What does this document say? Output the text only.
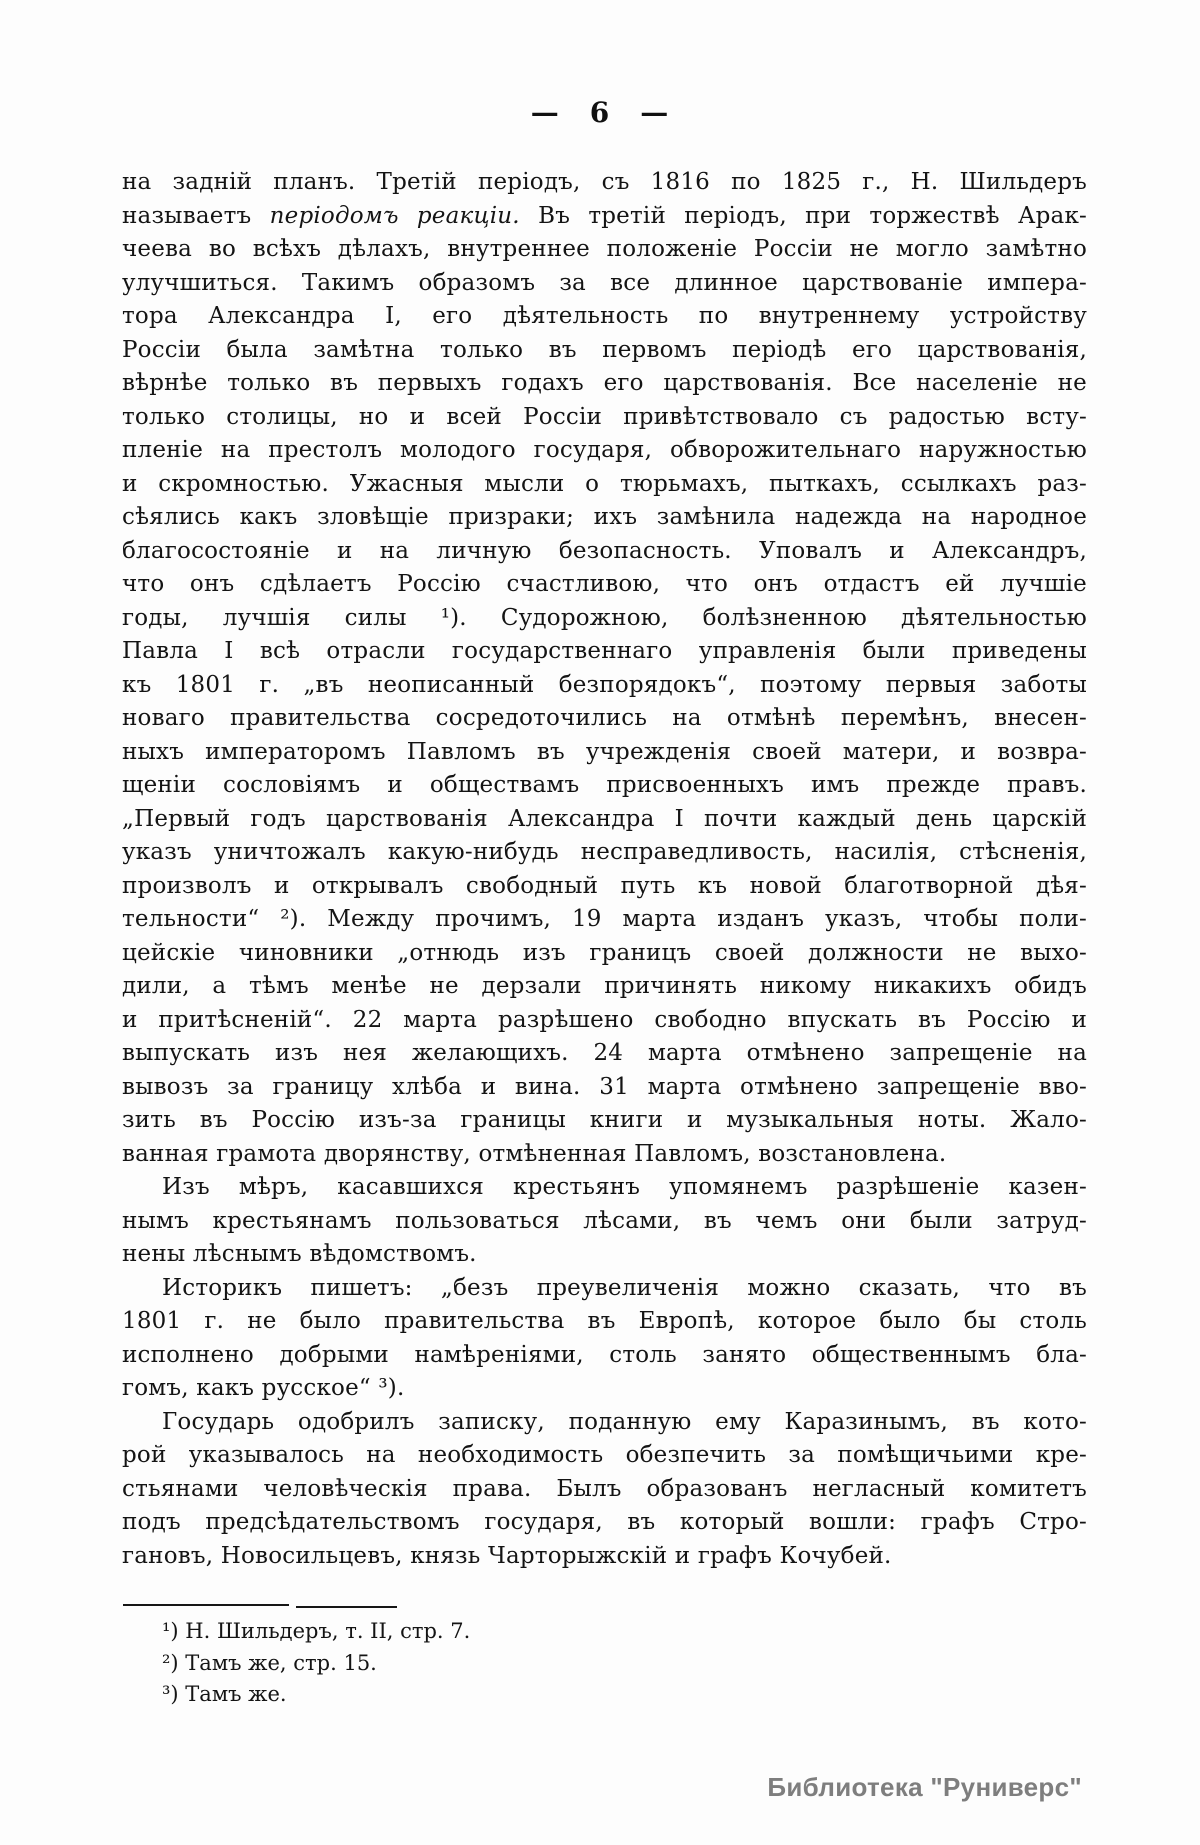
— 6 —
на задній планъ. Третій періодъ, съ 1816 по 1825 г., Н. Шильдеръ
называетъ періодомъ реакціи. Въ третій періодъ, при торжествѣ Арак-
чеева во всѣхъ дѣлахъ, внутреннее положеніе Россіи не могло замѣтно
улучшиться. Такимъ образомъ за все длинное царствованіе импера-
тора Александра I, его дѣятельность по внутреннему устройству
Россіи была замѣтна только въ первомъ періодѣ его царствованія,
вѣрнѣе только въ первыхъ годахъ его царствованія. Все населеніе не
только столицы, но и всей Россіи привѣтствовало съ радостью всту-
пленіе на престолъ молодого государя, обворожительнаго наружностью
и скромностью. Ужасныя мысли о тюрьмахъ, пыткахъ, ссылкахъ раз-
сѣялись какъ зловѣщіе призраки; ихъ замѣнила надежда на народное
благосостояніе и на личную безопасность. Уповалъ и Александръ,
что онъ сдѣлаетъ Россію счастливою, что онъ отдастъ ей лучшіе
годы, лучшія силы ¹). Судорожною, болѣзненною дѣятельностью
Павла I всѣ отрасли государственнаго управленія были приведены
къ 1801 г. „въ неописанный безпорядокъ“, поэтому первыя заботы
новаго правительства сосредоточились на отмѣнѣ перемѣнъ, внесен-
ныхъ императоромъ Павломъ въ учрежденія своей матери, и возвра-
щеніи сословіямъ и обществамъ присвоенныхъ имъ прежде правъ.
„Первый годъ царствованія Александра I почти каждый день царскій
указъ уничтожалъ какую-нибудь несправедливость, насилія, стѣсненія,
произволъ и открывалъ свободный путь къ новой благотворной дѣя-
тельности“ ²). Между прочимъ, 19 марта изданъ указъ, чтобы поли-
цейскіе чиновники „отнюдь изъ границъ своей должности не выхо-
дили, а тѣмъ менѣе не дерзали причинять никому никакихъ обидъ
и притѣсненій“. 22 марта разрѣшено свободно впускать въ Россію и
выпускать изъ нея желающихъ. 24 марта отмѣнено запрещеніе на
вывозъ за границу хлѣба и вина. 31 марта отмѣнено запрещеніе вво-
зить въ Россію изъ-за границы книги и музыкальныя ноты. Жало-
ванная грамота дворянству, отмѣненная Павломъ, возстановлена.
Изъ мѣръ, касавшихся крестьянъ упомянемъ разрѣшеніе казен-
нымъ крестьянамъ пользоваться лѣсами, въ чемъ они были затруд-
нены лѣснымъ вѣдомствомъ.
Историкъ пишетъ: „безъ преувеличенія можно сказать, что въ
1801 г. не было правительства въ Европѣ, которое было бы столь
исполнено добрыми намѣреніями, столь занято общественнымъ бла-
гомъ, какъ русское“ ³).
Государь одобрилъ записку, поданную ему Каразинымъ, въ кото-
рой указывалось на необходимость обезпечить за помѣщичьими кре-
стьянами человѣческія права. Былъ образованъ негласный комитетъ
подъ предсѣдательствомъ государя, въ который вошли: графъ Стро-
гановъ, Новосильцевъ, князь Чарторыжскій и графъ Кочубей.
¹) Н. Шильдеръ, т. II, стр. 7.
²) Тамъ же, стр. 15.
³) Тамъ же.
Библиотека "Руниверс"
